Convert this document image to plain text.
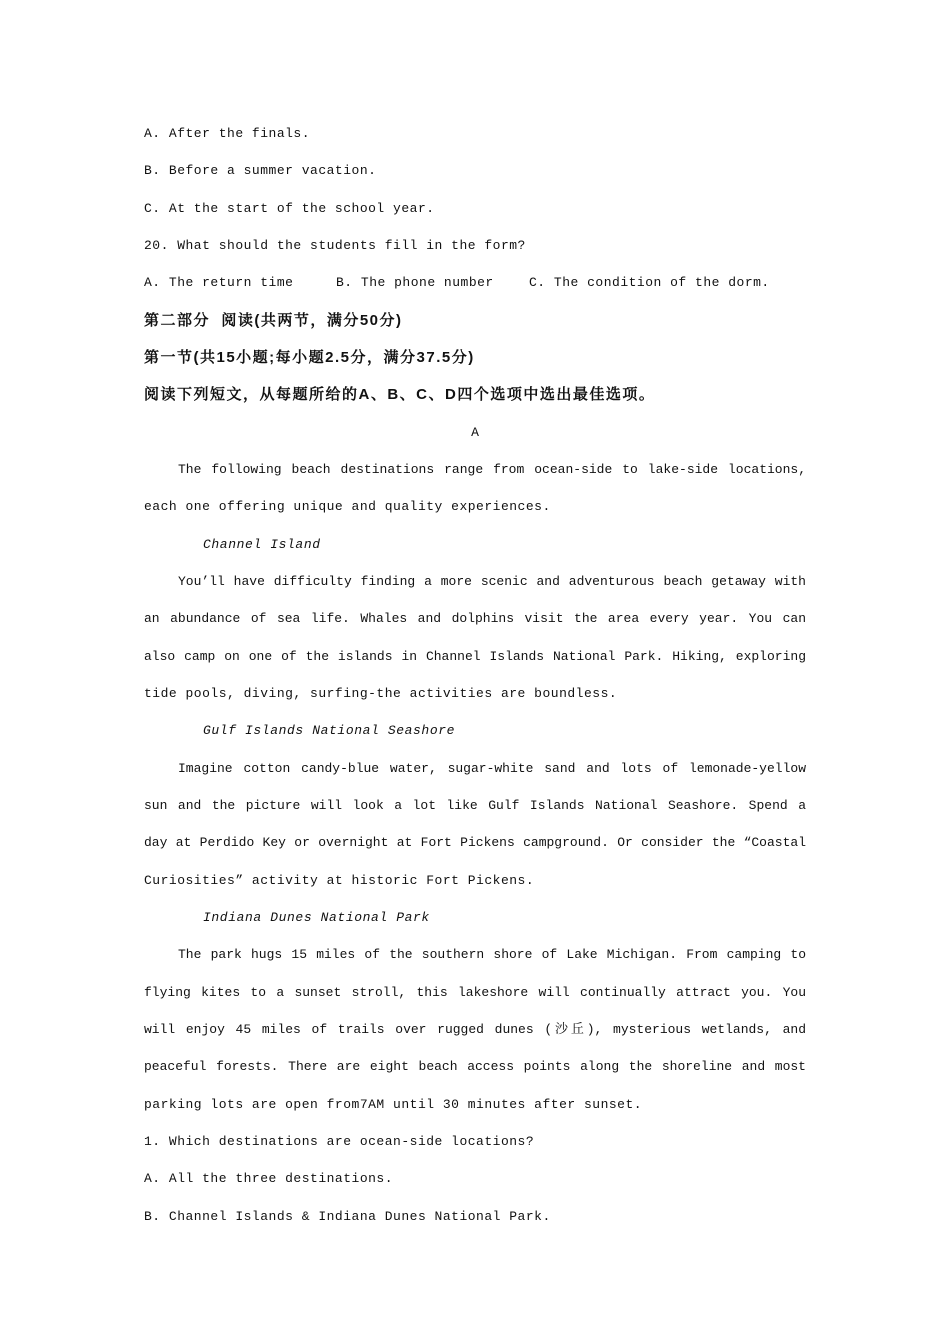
A. After the finals.
B. Before a summer vacation.
C. At the start of the school year.
20. What should the students fill in the form?
A. The return time	B. The phone number	C. The condition of the dorm.
第二部分  阅读(共两节，满分50分)
第一节(共15小题;每小题2.5分，满分37.5分)
阅读下列短文，从每题所给的A、B、C、D四个选项中选出最佳选项。
A
The following beach destinations range from ocean-side to lake-side locations,
each one offering unique and quality experiences.
Channel Island
You’ll have difficulty finding a more scenic and adventurous beach getaway with
an abundance of sea life. Whales and dolphins visit the area every year. You can
also camp on one of the islands in Channel Islands National Park. Hiking, exploring
tide pools, diving, surfing-the activities are boundless.
Gulf Islands National Seashore
Imagine cotton candy-blue water, sugar-white sand and lots of lemonade-yellow
sun and the picture will look a lot like Gulf Islands National Seashore. Spend a
day at Perdido Key or overnight at Fort Pickens campground. Or consider the “Coastal
Curiosities” activity at historic Fort Pickens.
Indiana Dunes National Park
The park hugs 15 miles of the southern shore of Lake Michigan. From camping to
flying kites to a sunset stroll, this lakeshore will continually attract you. You
will enjoy 45 miles of trails over rugged dunes (沙丘), mysterious wetlands, and
peaceful forests. There are eight beach access points along the shoreline and most
parking lots are open from7AM until 30 minutes after sunset.
1. Which destinations are ocean-side locations?
A. All the three destinations.
B. Channel Islands & Indiana Dunes National Park.
